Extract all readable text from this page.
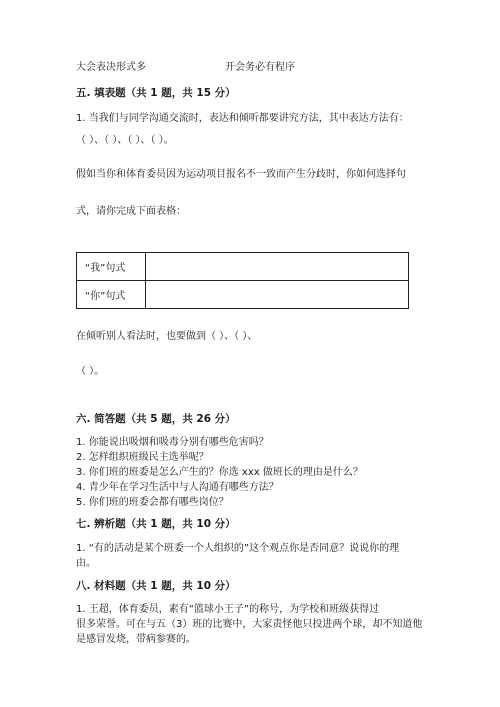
大会表决形式多	开会务必有程序
五. 填表题（共 1 题，共 15 分）
1. 当我们与同学沟通交流时，表达和倾听都要讲究方法，其中表达方法有：
（ ）、（ ）、（ ）、（ ）。
假如当你和体育委员因为运动项目报名不一致而产生分歧时，你如何选择句
式，请你完成下面表格：
“我”句式	
“你”句式	
在倾听别人看法时，也要做到（ ）、（ ）、
（ ）。
六. 简答题（共 5 题，共 26 分）
1. 你能说出吸烟和吸毒分别有哪些危害吗？
2. 怎样组织班级民主选举呢？
3. 你们班的班委是怎么产生的？你选 xxx 做班长的理由是什么？
4. 青少年在学习生活中与人沟通有哪些方法？
5. 你们班的班委会都有哪些岗位？
七. 辨析题（共 1 题，共 10 分）
1. “有的活动是某个班委一个人组织的”这个观点你是否同意？说说你的理
由。
八. 材料题（共 1 题，共 10 分）
1. 王超，体育委员，素有“篮球小王子”的称号，为学校和班级获得过
很多荣誉。可在与五（3）班的比赛中，大家责怪他只投进两个球，却不知道他
是感冒发烧，带病参赛的。
